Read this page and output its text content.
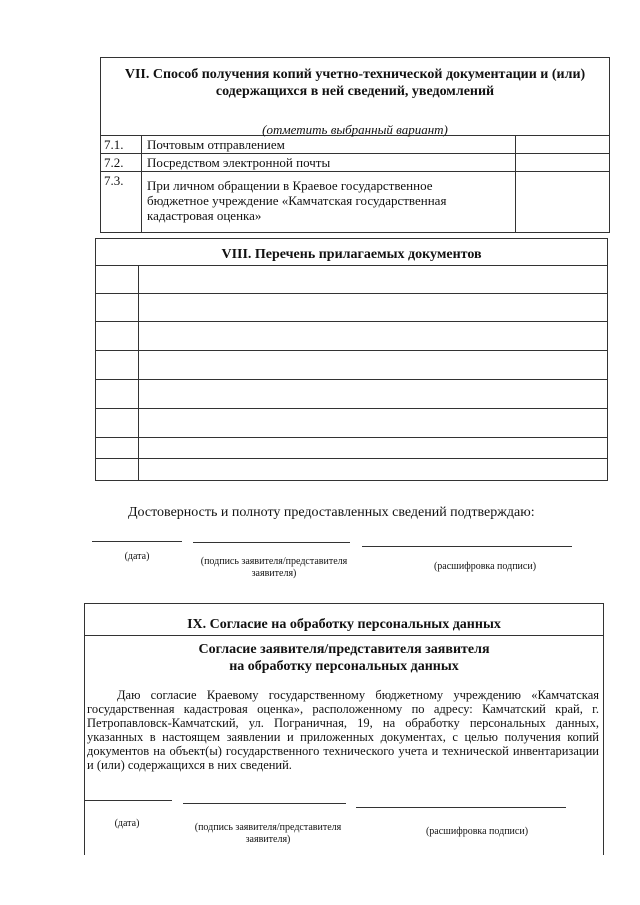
VII. Способ получения копий учетно-технической документации и (или)
содержащихся в ней сведений, уведомлений
(отметить выбранный вариант)
7.1. Почтовым отправлением
7.2. Посредством электронной почты
7.3. При личном обращении в Краевое государственное
бюджетное учреждение «Камчатская государственная
кадастровая оценка»
VIII. Перечень прилагаемых документов
Достоверность и полноту предоставленных сведений подтверждаю:
(дата)	(подпись заявителя/представителя
заявителя)
(расшифровка подписи)
IX. Согласие на обработку персональных данных
Согласие заявителя/представителя заявителя
на обработку персональных данных
Даю согласие Краевому государственному бюджетному учреждению «Камчатская государственная кадастровая оценка», расположенному по адресу: Камчатский край, г. Петропавловск-Камчатский, ул. Пограничная, 19, на обработку персональных данных, указанных в настоящем заявлении и приложенных документах, с целью получения копий документов на объект(ы) государственного технического учета и технической инвентаризации и (или) содержащихся в них сведений.
(дата)	(подпись заявителя/представителя
заявителя)
(расшифровка подписи)
